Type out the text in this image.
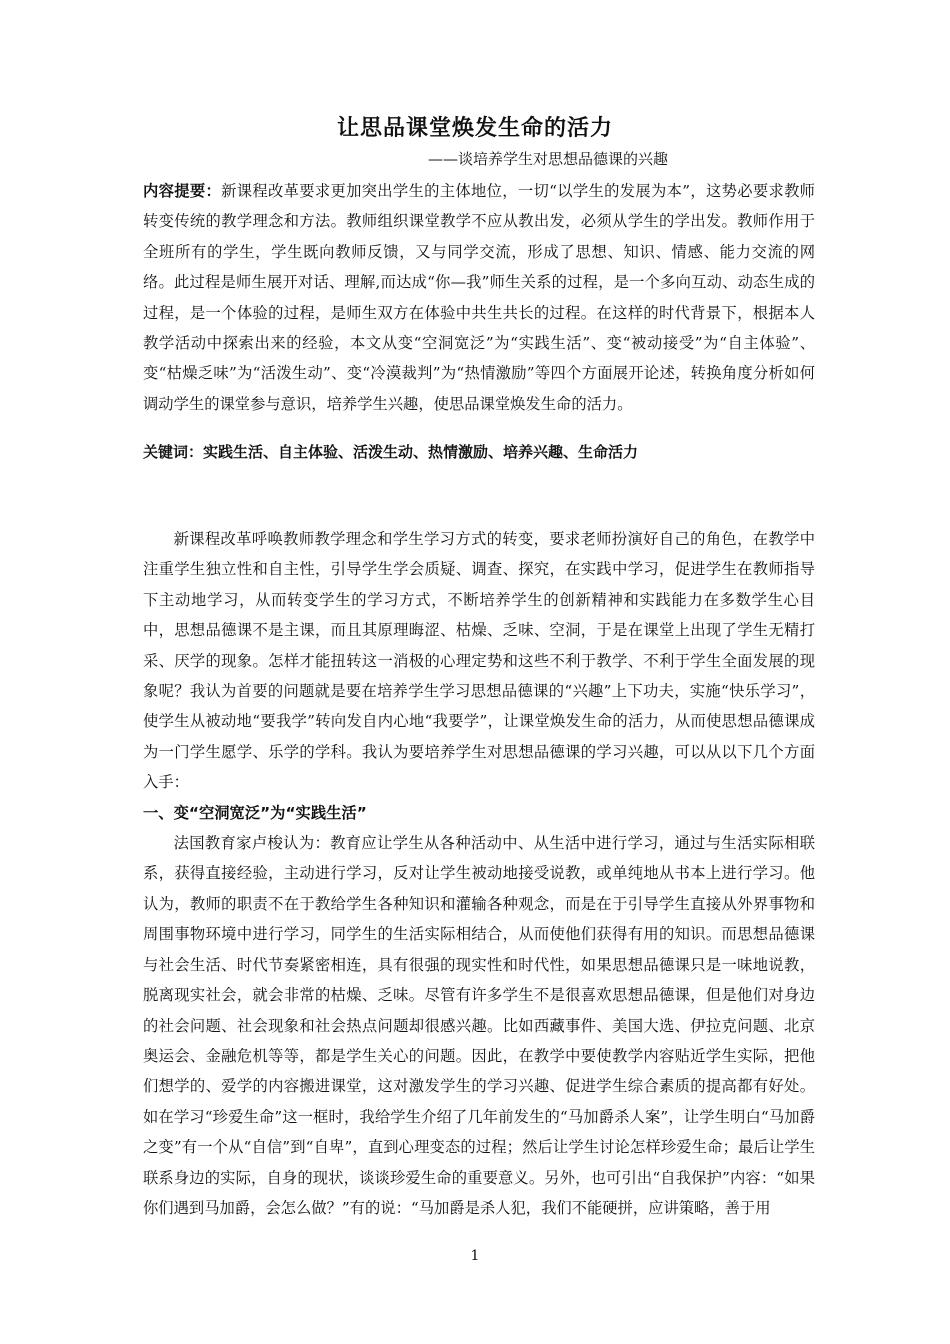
让思品课堂焕发生命的活力
——谈培养学生对思想品德课的兴趣
内容提要：新课程改革要求更加突出学生的主体地位，一切“以学生的发展为本”，这势必要求教师转变传统的教学理念和方法。教师组织课堂教学不应从教出发，必须从学生的学出发。教师作用于全班所有的学生，学生既向教师反馈，又与同学交流，形成了思想、知识、情感、能力交流的网络。此过程是师生展开对话、理解,而达成“你—我”师生关系的过程，是一个多向互动、动态生成的过程，是一个体验的过程，是师生双方在体验中共生共长的过程。在这样的时代背景下，根据本人教学活动中探索出来的经验，本文从变“空洞宽泛”为“实践生活”、变“被动接受”为“自主体验”、变“枯燥乏味”为“活泼生动”、变“冷漠裁判”为“热情激励”等四个方面展开论述，转换角度分析如何调动学生的课堂参与意识，培养学生兴趣，使思品课堂焕发生命的活力。
关键词：实践生活、自主体验、活泼生动、热情激励、培养兴趣、生命活力

新课程改革呼唤教师教学理念和学生学习方式的转变，要求老师扮演好自己的角色，在教学中注重学生独立性和自主性，引导学生学会质疑、调查、探究，在实践中学习，促进学生在教师指导下主动地学习，从而转变学生的学习方式，不断培养学生的创新精神和实践能力在多数学生心目中，思想品德课不是主课，而且其原理晦涩、枯燥、乏味、空洞，于是在课堂上出现了学生无精打采、厌学的现象。怎样才能扭转这一消极的心理定势和这些不利于教学、不利于学生全面发展的现象呢？我认为首要的问题就是要在培养学生学习思想品德课的“兴趣”上下功夫，实施“快乐学习”，使学生从被动地“要我学”转向发自内心地“我要学”，让课堂焕发生命的活力，从而使思想品德课成为一门学生愿学、乐学的学科。我认为要培养学生对思想品德课的学习兴趣，可以从以下几个方面入手：

一、变“空洞宽泛”为“实践生活”

法国教育家卢梭认为：教育应让学生从各种活动中、从生活中进行学习，通过与生活实际相联系，获得直接经验，主动进行学习，反对让学生被动地接受说教，或单纯地从书本上进行学习。他认为，教师的职责不在于教给学生各种知识和灌输各种观念，而是在于引导学生直接从外界事物和周围事物环境中进行学习，同学生的生活实际相结合，从而使他们获得有用的知识。而思想品德课与社会生活、时代节奏紧密相连，具有很强的现实性和时代性，如果思想品德课只是一味地说教，脱离现实社会，就会非常的枯燥、乏味。尽管有许多学生不是很喜欢思想品德课，但是他们对身边的社会问题、社会现象和社会热点问题却很感兴趣。比如西藏事件、美国大选、伊拉克问题、北京奥运会、金融危机等等，都是学生关心的问题。因此，在教学中要使教学内容贴近学生实际，把他们想学的、爱学的内容搬进课堂，这对激发学生的学习兴趣、促进学生综合素质的提高都有好处。如在学习“珍爱生命”这一框时，我给学生介绍了几年前发生的“马加爵杀人案”，让学生明白“马加爵之变”有一个从“自信”到“自卑”，直到心理变态的过程；然后让学生讨论怎样珍爱生命；最后让学生联系身边的实际，自身的现状，谈谈珍爱生命的重要意义。另外，也可引出“自我保护”内容：“如果你们遇到马加爵，会怎么做？”有的说：“马加爵是杀人犯，我们不能硬拼，应讲策略，善于用

1
